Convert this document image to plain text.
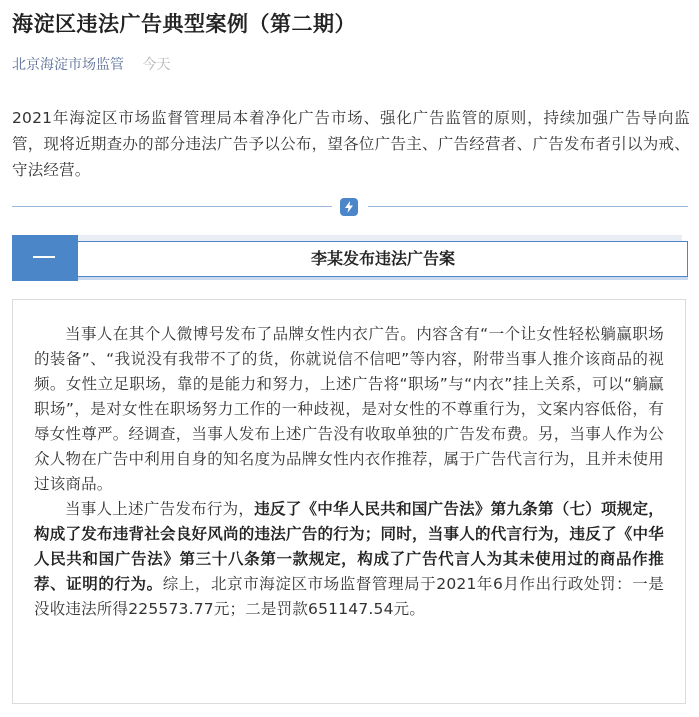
海淀区违法广告典型案例（第二期）
北京海淀市场监管 今天
2021年海淀区市场监督管理局本着净化广告市场、强化广告监管的原则，持续加强广告导向监管，现将近期查办的部分违法广告予以公布，望各位广告主、广告经营者、广告发布者引以为戒、守法经营。
李某发布违法广告案

当事人在其个人微博号发布了品牌女性内衣广告。内容含有“一个让女性轻松躺赢职场的装备”、“我说没有我带不了的货，你就说信不信吧”等内容，附带当事人推介该商品的视频。女性立足职场，靠的是能力和努力，上述广告将“职场”与“内衣”挂上关系，可以“躺赢职场”，是对女性在职场努力工作的一种歧视，是对女性的不尊重行为，文案内容低俗，有辱女性尊严。经调查，当事人发布上述广告没有收取单独的广告发布费。另，当事人作为公众人物在广告中利用自身的知名度为品牌女性内衣作推荐，属于广告代言行为，且并未使用过该商品。

当事人上述广告发布行为，违反了《中华人民共和国广告法》第九条第（七）项规定，构成了发布违背社会良好风尚的违法广告的行为；同时，当事人的代言行为，违反了《中华人民共和国广告法》第三十八条第一款规定，构成了广告代言人为其未使用过的商品作推荐、证明的行为。综上，北京市海淀区市场监督管理局于2021年6月作出行政处罚：一是没收违法所得225573.77元；二是罚款651147.54元。
